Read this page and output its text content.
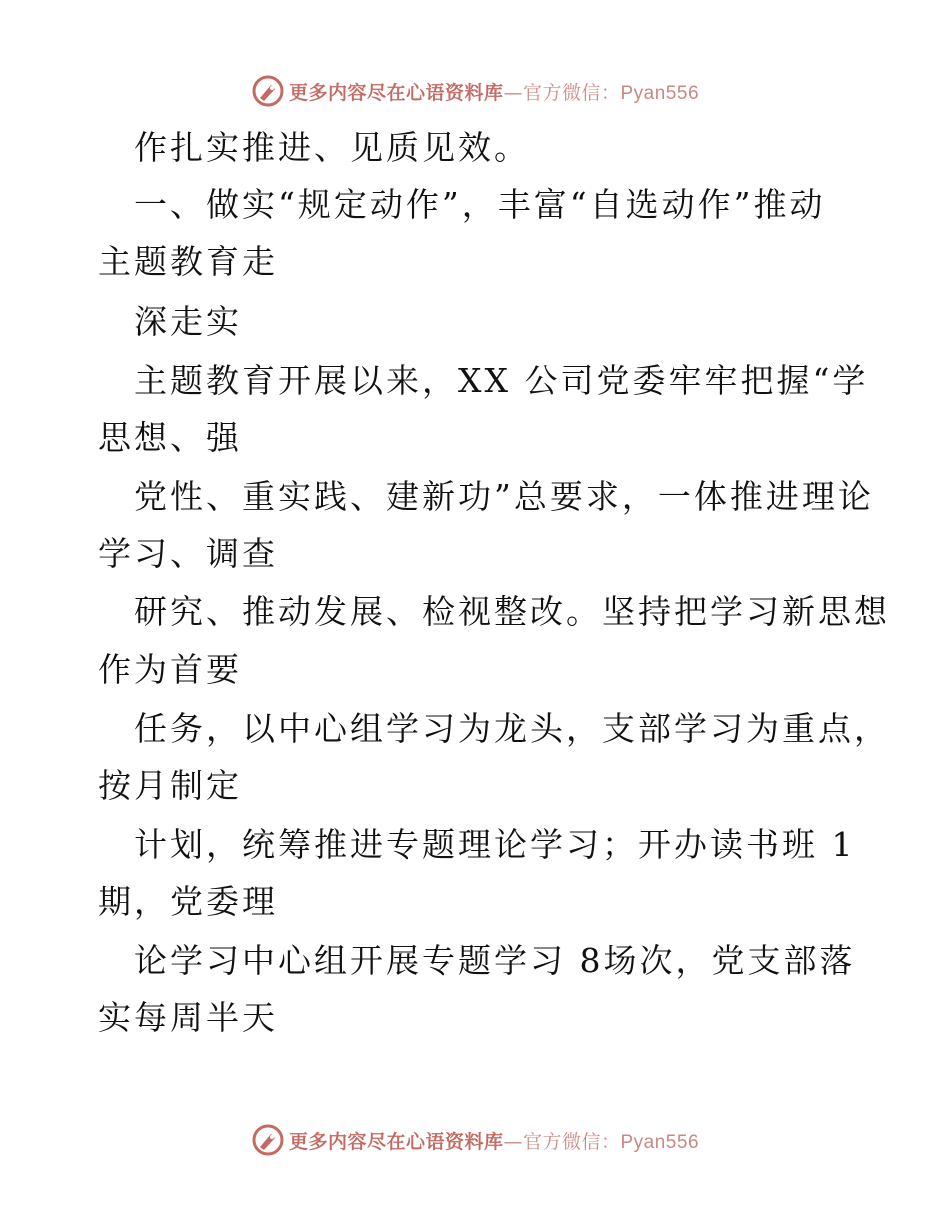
更多内容尽在心语资料库—官方微信：Pyan556
作扎实推进、见质见效。
一、做实“规定动作”，丰富“自选动作”推动
主题教育走
深走实
主题教育开展以来，XX 公司党委牢牢把握“学
思想、强
党性、重实践、建新功”总要求，一体推进理论
学习、调查
研究、推动发展、检视整改。坚持把学习新思想
作为首要
任务，以中心组学习为龙头，支部学习为重点，
按月制定
计划，统筹推进专题理论学习；开办读书班 1
期，党委理
论学习中心组开展专题学习 8场次，党支部落
实每周半天
更多内容尽在心语资料库—官方微信：Pyan556
